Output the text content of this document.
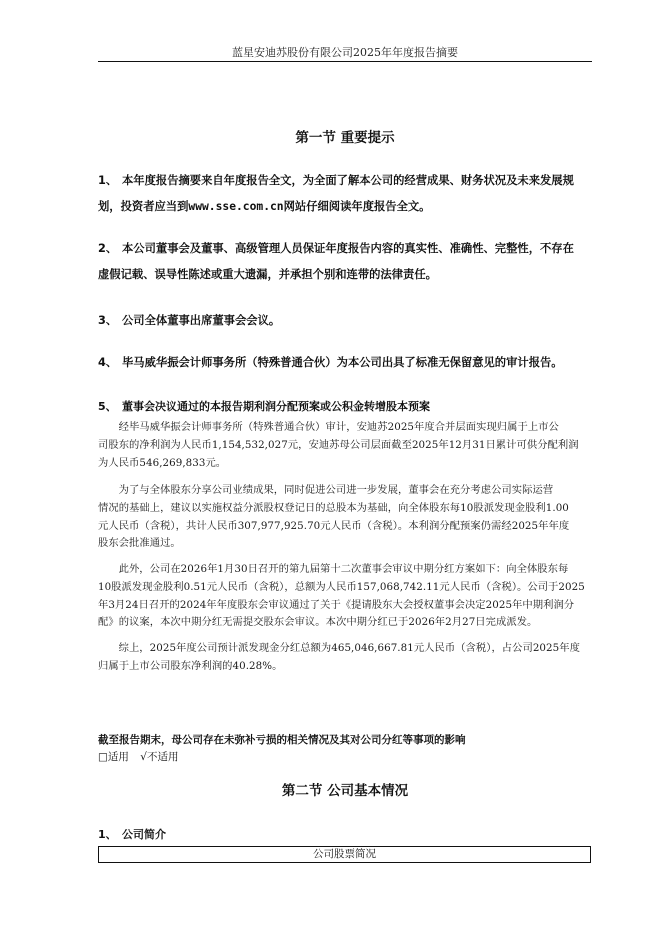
蓝星安迪苏股份有限公司2025年年度报告摘要
第一节 重要提示
1、 本年度报告摘要来自年度报告全文，为全面了解本公司的经营成果、财务状况及未来发展规
划，投资者应当到www.sse.com.cn网站仔细阅读年度报告全文。
2、 本公司董事会及董事、高级管理人员保证年度报告内容的真实性、准确性、完整性，不存在
虚假记载、误导性陈述或重大遗漏，并承担个别和连带的法律责任。
3、 公司全体董事出席董事会会议。
4、 毕马威华振会计师事务所（特殊普通合伙）为本公司出具了标准无保留意见的审计报告。
5、 董事会决议通过的本报告期利润分配预案或公积金转增股本预案
经毕马威华振会计师事务所（特殊普通合伙）审计，安迪苏2025年度合并层面实现归属于上市公
司股东的净利润为人民币1,154,532,027元，安迪苏母公司层面截至2025年12月31日累计可供分配利润
为人民币546,269,833元。
为了与全体股东分享公司业绩成果，同时促进公司进一步发展，董事会在充分考虑公司实际运营
情况的基础上，建议以实施权益分派股权登记日的总股本为基础，向全体股东每10股派发现金股利1.00
元人民币（含税），共计人民币307,977,925.70元人民币（含税）。本利润分配预案仍需经2025年年度
股东会批准通过。
此外，公司在2026年1月30日召开的第九届第十二次董事会审议中期分红方案如下：向全体股东每
10股派发现金股利0.51元人民币（含税），总额为人民币157,068,742.11元人民币（含税）。公司于2025
年3月24日召开的2024年年度股东会审议通过了关于《提请股东大会授权董事会决定2025年中期利润分
配》的议案，本次中期分红无需提交股东会审议。本次中期分红已于2026年2月27日完成派发。
综上，2025年度公司预计派发现金分红总额为465,046,667.81元人民币（含税），占公司2025年度
归属于上市公司股东净利润的40.28%。
截至报告期末，母公司存在未弥补亏损的相关情况及其对公司分红等事项的影响
□适用 √不适用
第二节 公司基本情况
1、 公司简介
公司股票简况
